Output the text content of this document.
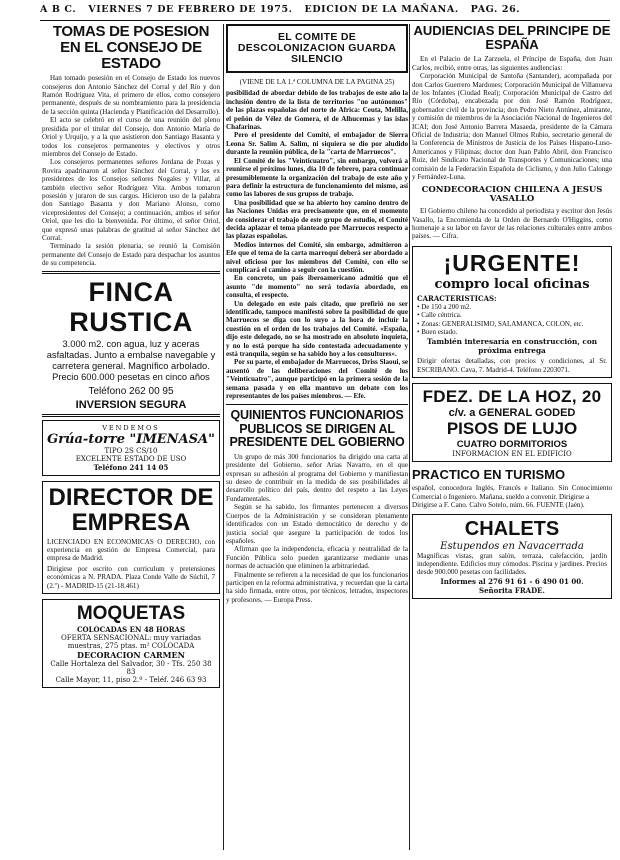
A B C. VIERNES 7 DE FEBRERO DE 1975. EDICION DE LA MAÑANA. PAG. 26.
TOMAS DE POSESION EN EL CONSEJO DE ESTADO

Han tomado posesión en el Consejo de Estado los nuevos consejeros don Antonio Sánchez del Corral y del Río y don Ramón Rodríguez Vita, el primero de ellos, como consejero permanente, después de su nombramiento para la presidencia de la sección quinta (Hacienda y Planificación del Desarrollo).

El acto se celebró en el curso de una reunión del pleno presidida por el titular del Consejo, don Antonio María de Oriol y Urquijo, y a la que asistieron don Santiago Basanta y todos los consejeros permanentes y electivos y otros miembros del Consejo de Estado.

Los consejeros permanentes señores Jordana de Pozas y Rovira apadrinaron al señor Sánchez del Corral, y los ex presidentes de los Consejos señores Nogales y Villar, al también electivo señor Rodríguez Vita. Ambos tomaron posesión y juraron de sus cargos. Hicieron uso de la palabra don Santiago Basanta y don Mariano Alonso, como vicepresidentes del Consejo; a continuación, ambos el señor Oriol, que les dio la bienvenida. Por último, el señor Oriol, que expresó unas palabras de gratitud al señor Sánchez del Corral.

Terminado la sesión plenaria, se reunió la Comisión permanente del Consejo de Estado para despachar los asuntos de su competencia.

FINCA RUSTICA

3.000 m2. con agua, luz y aceras asfaltadas. Junto a embalse navegable y carretera general. Magnífico arbolado. Precio 600.000 pesetas en cinco años

Teléfono 262 00 95

INVERSION SEGURA

VENDEMOS
Grúa-torre "IMENASA"
TIPO 2S CS/10
EXCELENTE ESTADO DE USO
Teléfono 241 14 05
DIRECTOR DE EMPRESA

LICENCIADO EN ECONOMICAS O DERECHO, con experiencia en gestión de Empresa Comercial, para empresa de Madrid.

Dirigirse por escrito con curriculum y pretensiones económicas a N. PRADA. Plaza Conde Valle de Súchil, 7 (2.º) - MADRID-15 (21-18.461)

MOQUETAS

COLOCADAS EN 48 HORAS

OFERTA SENSACIONAL: muy variadas muestras, 275 ptas. m² COLOCADA

DECORACION CARMEN

Calle Hortaleza del Salvador, 30 - Tfs. 250 38 83

Calle Mayor, 11, piso 2.º - Teléf. 246 63 93

EL COMITE DE DESCOLONIZACION GUARDA SILENCIO

(VIENE DE LA 1.ª COLUMNA DE LA PAGINA 25)

posibilidad de abordar debido de los trabajos de este año la inclusión dentro de la lista de territorios "no autónomos" de las plazas españolas del norte de Africa: Ceuta, Melilla, el peñón de Vélez de Gomera, el de Alhucemas y las islas Chafarinas.

Pero el presidente del Comité, el embajador de Sierra Leona Sr. Salim A. Salim, ni siquiera se dio por aludido durante la reunión pública, de la "carta de Marruecos".

El Comité de los "Veinticuatro", sin embargo, volverá a reunirse el próximo lunes, día 10 de febrero, para continuar presumiblemente la organización del trabajo de este año y para definir la estructura de funcionamiento del mismo, así como las labores de sus grupos de trabajo.

Una posibilidad que se ha abierto hoy camino dentro de las Naciones Unidas era precisamente que, en el momento de considerar el trabajo de este grupo de estudio, el Comité decida aplazar el tema planteado por Marruecos respecto a las plazas españolas.

Medios internos del Comité, sin embargo, admitieron a Efe que el tema de la carta marroquí deberá ser abordado a nivel oficioso por los miembros del Comité, con ello se complicará el camino a seguir con la cuestión.

En concreto, un país iberoamericano admitió que el asunto "de momento" no será todavía abordado, en consulta, el respecto.

Un delegado en este país citado, que prefirió no ser identificado, tampoco manifestó sobre la posibilidad de que Marruecos se diga con lo suyo a la hora de incluir la cuestión en el orden de los trabajos del Comité. «España, dijo este delegado, no se ha mostrado en absoluto inquieta, y no lo está porque ha sido contestada adecuadamente y está tranquila, según se ha sabido hoy a los consultores».

Por su parte, el embajador de Marruecos, Driss Slaoui, se ausentó de las deliberaciones del Comité de los "Veinticuatro", aunque participó en la primera sesión de la semana pasada y en ella mantuvo un debate con los representantes de los países miembros. — Efe.

QUINIENTOS FUNCIONARIOS PUBLICOS SE DIRIGEN AL PRESIDENTE DEL GOBIERNO

Un grupo de más 300 funcionarios ha dirigido una carta al presidente del Gobierno, señor Arias Navarro, en el que expresan su adhesión al programa del Gobierno y manifiestan su deseo de contribuir en la medida de sus posibilidades al desarrollo político del país, dentro del respeto a las Leyes Fundamentales.

Según se ha sabido, los firmantes pertenecen a diversos Cuerpos de la Administración y se consideran plenamente identificados con un Estado democrático de derecho y de justicia social que asegure la participación de todos los españoles.

Afirman que la independencia, eficacia y neutralidad de la Función Pública solo pueden garantizarse mediante unas normas de actuación que eliminen la arbitrariedad.

Finalmente se refieren a la necesidad de que los funcionarios participen en la reforma administrativa, y recuerdan que la carta ha sido firmada, entre otros, por técnicos, letrados, inspectores y profesores. — Europa Press.

AUDIENCIAS DEL PRINCIPE DE ESPAÑA

En el Palacio de La Zarzuela, el Príncipe de España, don Juan Carlos, recibió, entre otras, las siguientes audiencias:

Corporación Municipal de Santoña (Santander), acompañada por don Carlos Guerrero Mardones; Corporación Municipal de Villanueva de los Infantes (Ciudad Real); Corporación Municipal de Castro del Río (Córdoba), encabezada por don José Ramón Rodríguez, gobernador civil de la provincia; don Pedro Nieto Antúnez, almirante, y comisión de miembros de la Asociación Nacional de Ingenieros del ICAI; don José Antonio Barrera Masaeda, presidente de la Cámara Oficial de Industria; don Manuel Olmos Rubio, secretario general de la Conferencia de Ministros de Justicia de los Países Hispano-Luso-Americanos y Filipinas; doctor don Juan Pablo Abril, don Francisco Ruiz, del Sindicato Nacional de Transportes y Comunicaciones; una comisión de la Federación Española de Ciclismo, y don Julio Calonge y Fernández-Luna.

CONDECORACION CHILENA A JESUS VASALLO

El Gobierno chileno ha concedido al periodista y escritor don Jesús Vasallo, la Encomienda de la Orden de Bernardo O'Higgins, como homenaje a su labor en favor de las relaciones culturales entre ambos países. — Cifra.

¡URGENTE!
compro local oficinas

CARACTERISTICAS:

• De 150 a 200 m2.
• Calle céntrica.
• Zonas: GENERALISIMO, SALAMANCA, COLON, etc.
• Buen estado.

También interesaría en construcción, con próxima entrega

Dirigir ofertas detalladas, con precios y condiciones, al Sr. ESCRIBANO. Cava, 7. Madrid-4. Teléfono 2203071.

FDEZ. DE LA HOZ, 20
c/v. a GENERAL GODED
PISOS DE LUJO
CUATRO DORMITORIOS
INFORMACION EN EL EDIFICIO
PRACTICO EN TURISMO

español, conocedora Inglés, Francés e Italiano. Sin Conocimiento Comercial o Ingeniero. Mañana, sueldo a convenir. Dirigirse a

Dirigirse a F. Cano. Calvo Sotelo, núm. 66. FUENTE (Jaén).

CHALETS
Estupendos en Navacerrada

Magníficas vistas, gran salón, terraza, calefacción, jardín independiente. Edificios muy cómodos. Piscina y jardines. Precios desde 900.000 pesetas con facilidades.

Informes al 276 91 61 - 6 490 01 00.

Señorita FRADE.
